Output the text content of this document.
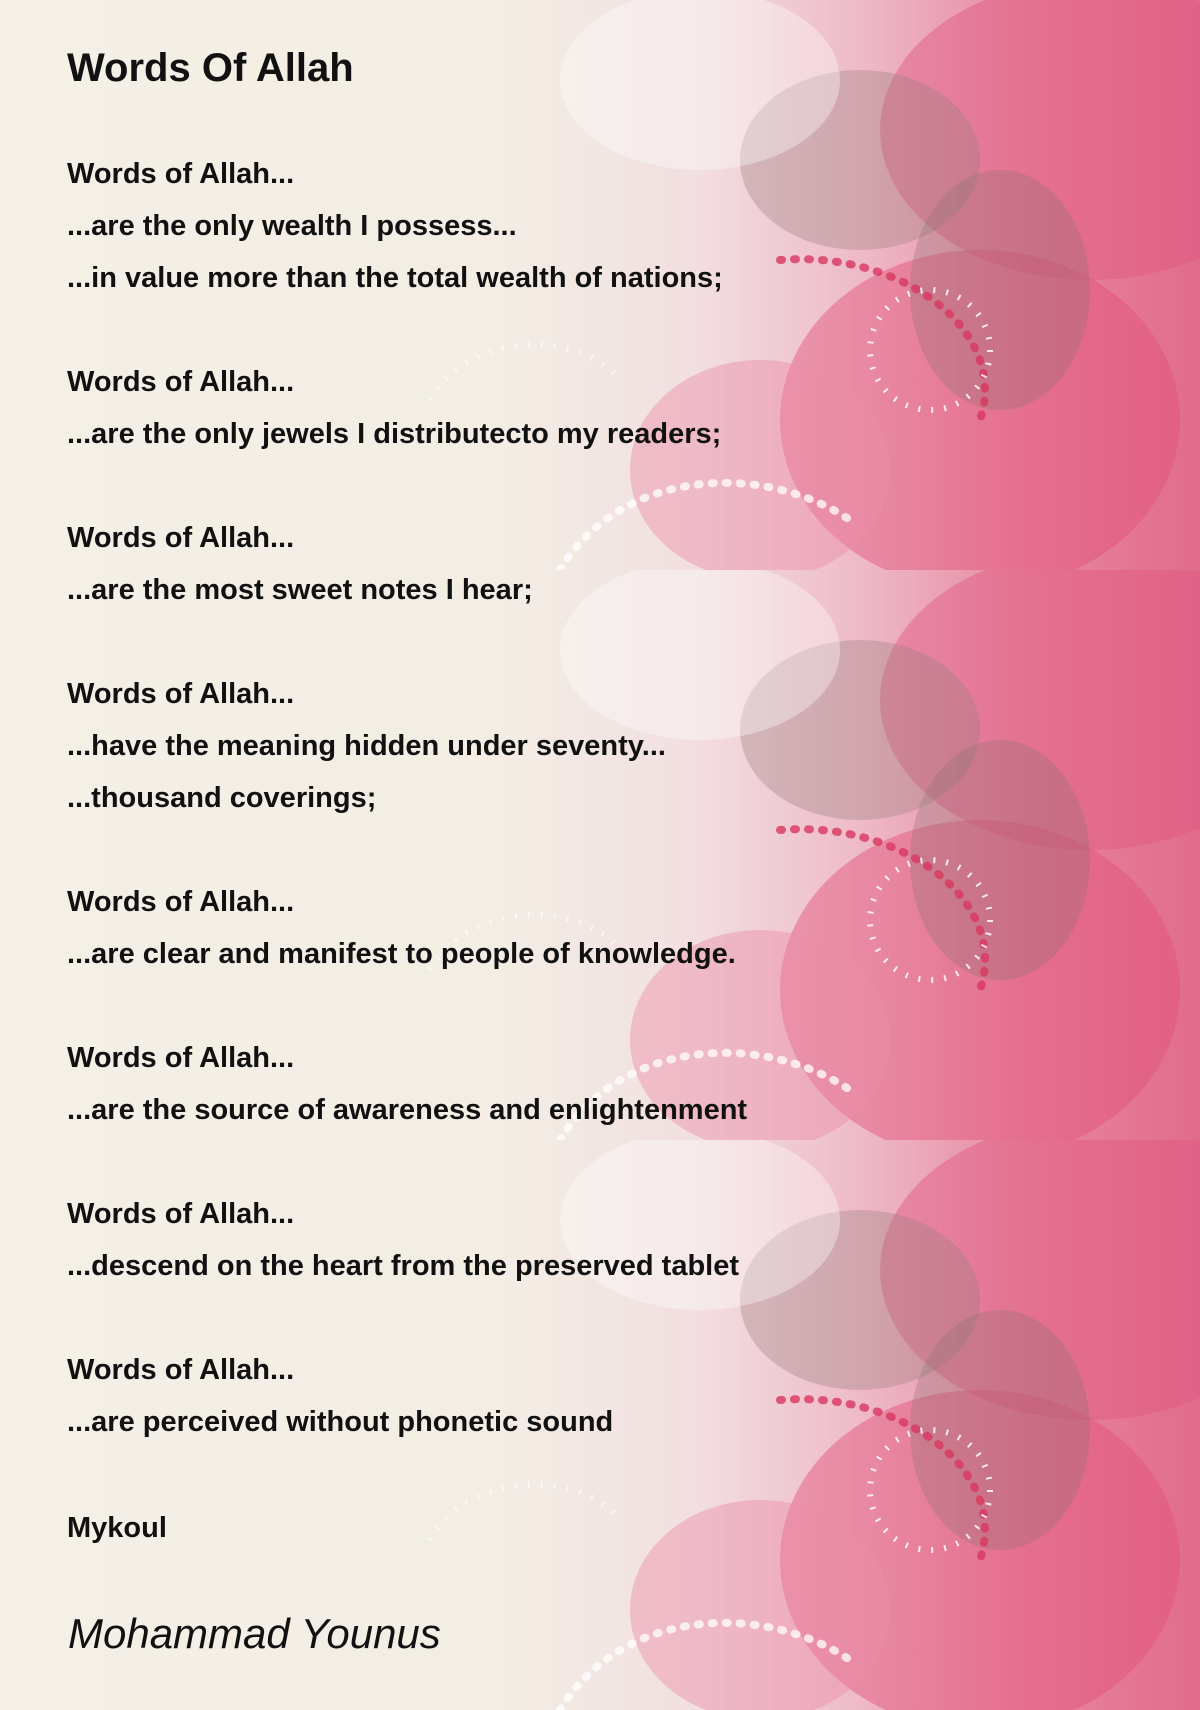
Words Of Allah
Words of Allah...
...are the only wealth I possess...
...in value more than the total wealth of nations;
Words of Allah...
...are the only jewels I distributecto my readers;
Words of Allah...
...are the most sweet notes I hear;
Words of Allah...
...have the meaning hidden under seventy...
...thousand coverings;
Words of Allah...
...are clear and manifest to people of knowledge.
Words of Allah...
...are the source of awareness and enlightenment
Words of Allah...
...descend on the heart from the preserved tablet
Words of Allah...
...are perceived without phonetic sound
Mykoul
Mohammad Younus
